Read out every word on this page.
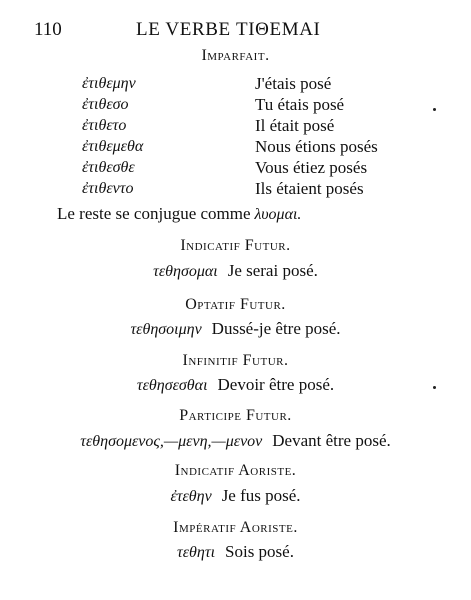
110	LE VERBE ΤΙΘΕΜΑΙ
Imparfait.
ἐτιθεμην	J'étais posé
ἐτιθεσο	Tu étais posé
ἐτιθετο	Il était posé
ἐτιθεμεθα	Nous étions posés
ἐτιθεσθε	Vous étiez posés
ἐτιθεντο	Ils étaient posés
Le reste se conjugue comme λυομαι.
Indicatif Futur.
τεθησομαι Je serai posé.
Optatif Futur.
τεθησοιμην Dussé-je être posé.
Infinitif Futur.
τεθησεσθαι Devoir être posé.
Participe Futur.
τεθησομενος,—μενη,—μενον Devant être posé.
Indicatif Aoriste.
ἐτεθην Je fus posé.
Impératif Aoriste.
τεθητι Sois posé.
